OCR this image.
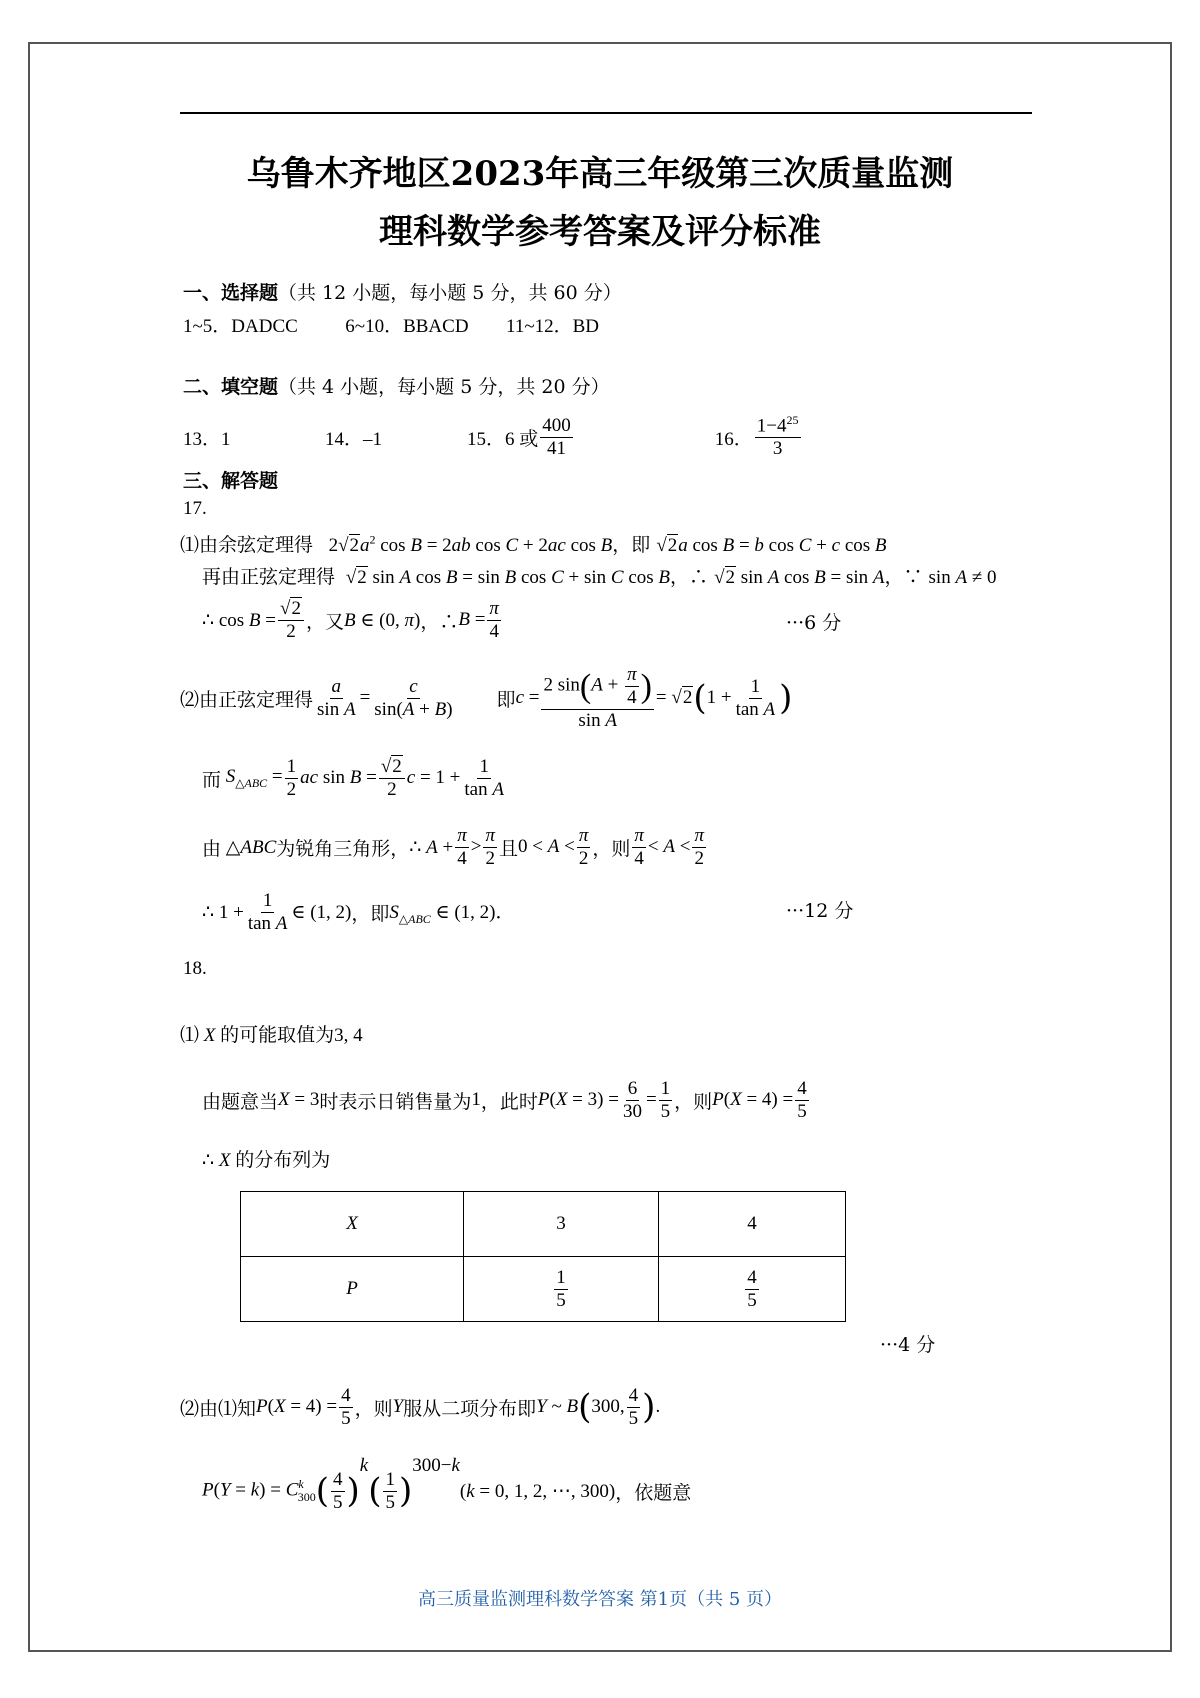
乌鲁木齐地区2023年高三年级第三次质量监测
理科数学参考答案及评分标准
一、选择题（共 12 小题，每小题 5 分，共 60 分）
1~5．DADCC	6~10．BBACD 11~12．BD
二、填空题（共 4 小题，每小题 5 分，共 20 分）
13．1	14．–1	15．6 或 $\frac{400}{41}$	16． $\frac{1-4^{25}}{3}$
三、解答题
17.
⑴由余弦定理得   $2√2a^2$ cos B = 2ab cos C + 2ac cos B，即 √2a cos B = b cos C + c cos B
再由正弦定理得  √2 sin A cos B = sin B cos C + sin C cos B，∴ √2 sin A cos B = sin A，∵ sin A ≠ 0
∴ $\cos B = \frac{√2}{2}$ ，又 B ∈ (0, π) ，∴ $B = \frac{\pi}{4}$	···6 分
⑵由正弦定理得 $\frac{a}{\text{sin A}} = \frac{c}{\sin(A + B)}$ 即 $c = \frac{2 \sin(A + \frac{\pi}{4} )}{\text{sin A}} = √2$ ( $1 + \frac{1}{\text{tan A}}$ )
而 $S_{\triangle ABC} = \frac{1}{2}$ ac $\sin B = \frac{√2}{2}$ $c = 1 + \frac{1}{\text{tan A}}$
由 △ABC 为锐角三角形， ∴ $A + \frac{\pi}{4} > \frac{\pi}{2}$ 且 $0 < A < \frac{\pi}{2}$ ，则 $\frac{\pi}{4} < A < \frac{\pi}{2}$
∴ $1 + \frac{1}{\text{tan A}}$ ∈ (1, 2) ，即 $S_{\triangle ABC}$ ∈ (1, 2)．	···12 分
18.
⑴ X 的可能取值为3, 4
由题意当 X = 3 时表示日销售量为 1 ，此时 $P(X = 3) = \frac{6}{30} = \frac{1}{5}$ ，则 $P(X = 4) = \frac{4}{5}$
∴ X 的分布列为
X	3	4
P	$\frac{1}{5}$	$\frac{4}{5}$
···4 分
⑵由⑴知 $P(X = 4) = \frac{4}{5}$ ，则 Y 服从二项分布即 Y ~ B ( 300, $\frac{4}{5}$ ) .
$P(Y = k) = C^k_{300}$ ( $\frac{4}{5}$ )
k
( $\frac{1}{5}$ )
300−k
(k = 0, 1, 2, ⋯, 300) ，依题意
高三质量监测理科数学答案 第1页（共 5 页）
